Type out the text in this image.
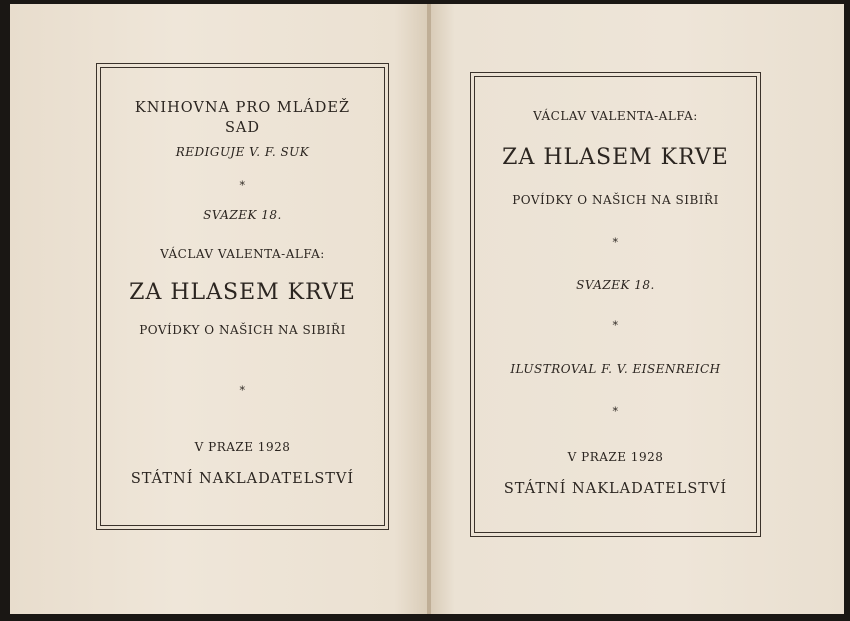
KNIHOVNA PRO MLÁDEŽ
SAD
REDIGUJE V. F. SUK
*
SVAZEK 18.
VÁCLAV VALENTA-ALFA:
ZA HLASEM KRVE
POVÍDKY O NAŠICH NA SIBIŘI
*
V PRAZE 1928
STÁTNÍ NAKLADATELSTVÍ
VÁCLAV VALENTA-ALFA:
ZA HLASEM KRVE
POVÍDKY O NAŠICH NA SIBIŘI
*
SVAZEK 18.
*
ILUSTROVAL F. V. EISENREICH
*
V PRAZE 1928
STÁTNÍ NAKLADATELSTVÍ
